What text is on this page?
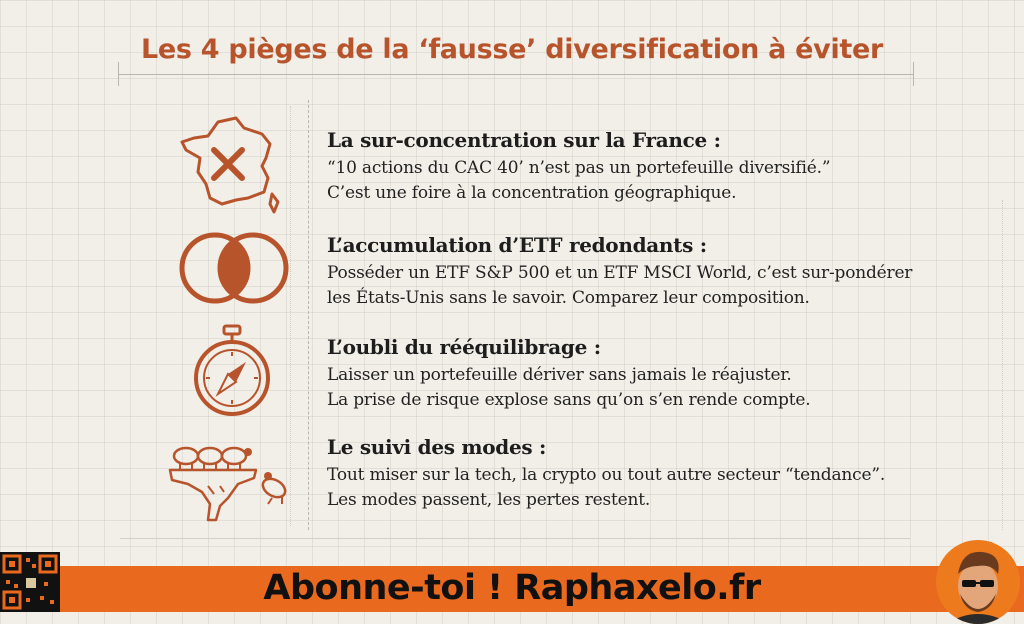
Les 4 pièges de la ‘fausse’ diversification à éviter
La sur-concentration sur la France :

“10 actions du CAC 40’ n’est pas un portefeuille diversifié.”
C’est une foire à la concentration géographique.

L’accumulation d’ETF redondants :

Posséder un ETF S&P 500 et un ETF MSCI World, c’est sur-pondérer
les États-Unis sans le savoir. Comparez leur composition.

L’oubli du rééquilibrage :

Laisser un portefeuille dériver sans jamais le réajuster.
La prise de risque explose sans qu’on s’en rende compte.

Le suivi des modes :

Tout miser sur la tech, la crypto ou tout autre secteur “tendance”.
Les modes passent, les pertes restent.

Abonne-toi ! Raphaxelo.fr
